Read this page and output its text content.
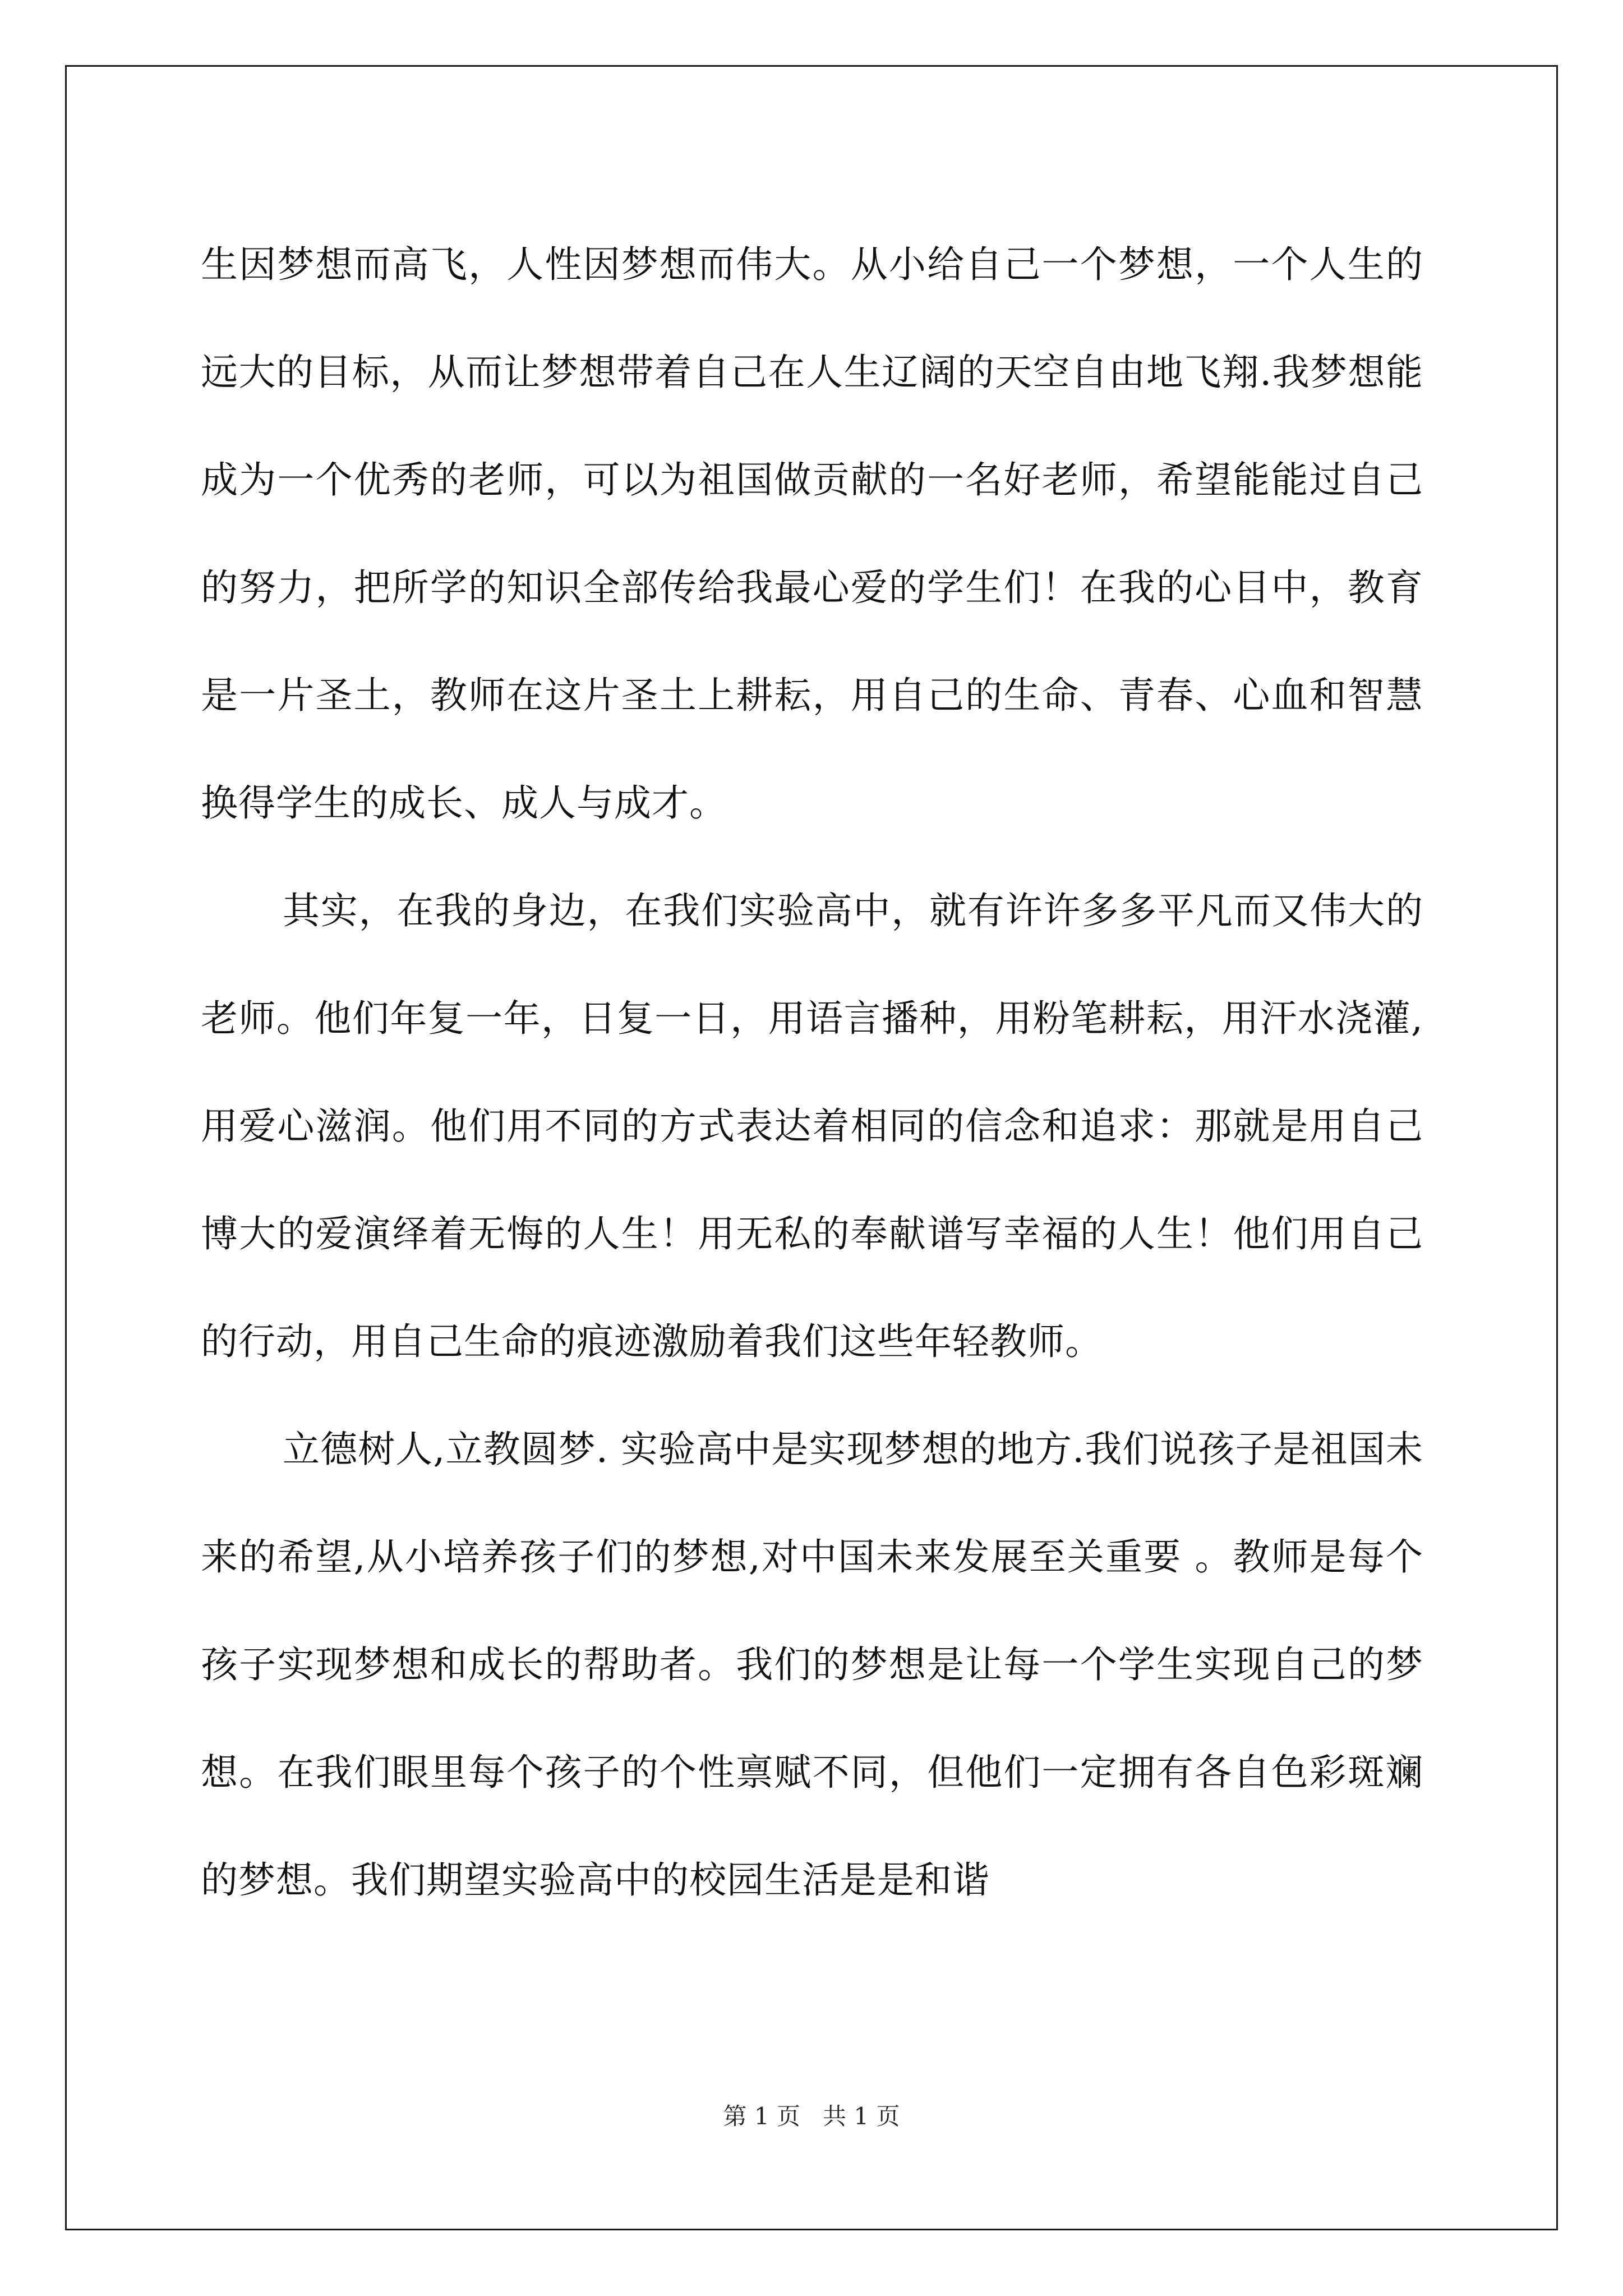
生因梦想而高飞，人性因梦想而伟大。从小给自己一个梦想，一个人生的远大的目标，从而让梦想带着自己在人生辽阔的天空自由地飞翔.我梦想能成为一个优秀的老师，可以为祖国做贡献的一名好老师，希望能能过自己的努力，把所学的知识全部传给我最心爱的学生们！在我的心目中，教育是一片圣土，教师在这片圣土上耕耘，用自己的生命、青春、心血和智慧换得学生的成长、成人与成才。

其实，在我的身边，在我们实验高中，就有许许多多平凡而又伟大的老师。他们年复一年，日复一日，用语言播种，用粉笔耕耘，用汗水浇灌,用爱心滋润。他们用不同的方式表达着相同的信念和追求：那就是用自己博大的爱演绎着无悔的人生！用无私的奉献谱写幸福的人生！他们用自己的行动，用自己生命的痕迹激励着我们这些年轻教师。

立德树人,立教圆梦. 实验高中是实现梦想的地方.我们说孩子是祖国未来的希望,从小培养孩子们的梦想,对中国未来发展至关重要 。教师是每个孩子实现梦想和成长的帮助者。我们的梦想是让每一个学生实现自己的梦想。在我们眼里每个孩子的个性禀赋不同，但他们一定拥有各自色彩斑斓的梦想。我们期望实验高中的校园生活是是和谐

第 1 页   共 1 页
